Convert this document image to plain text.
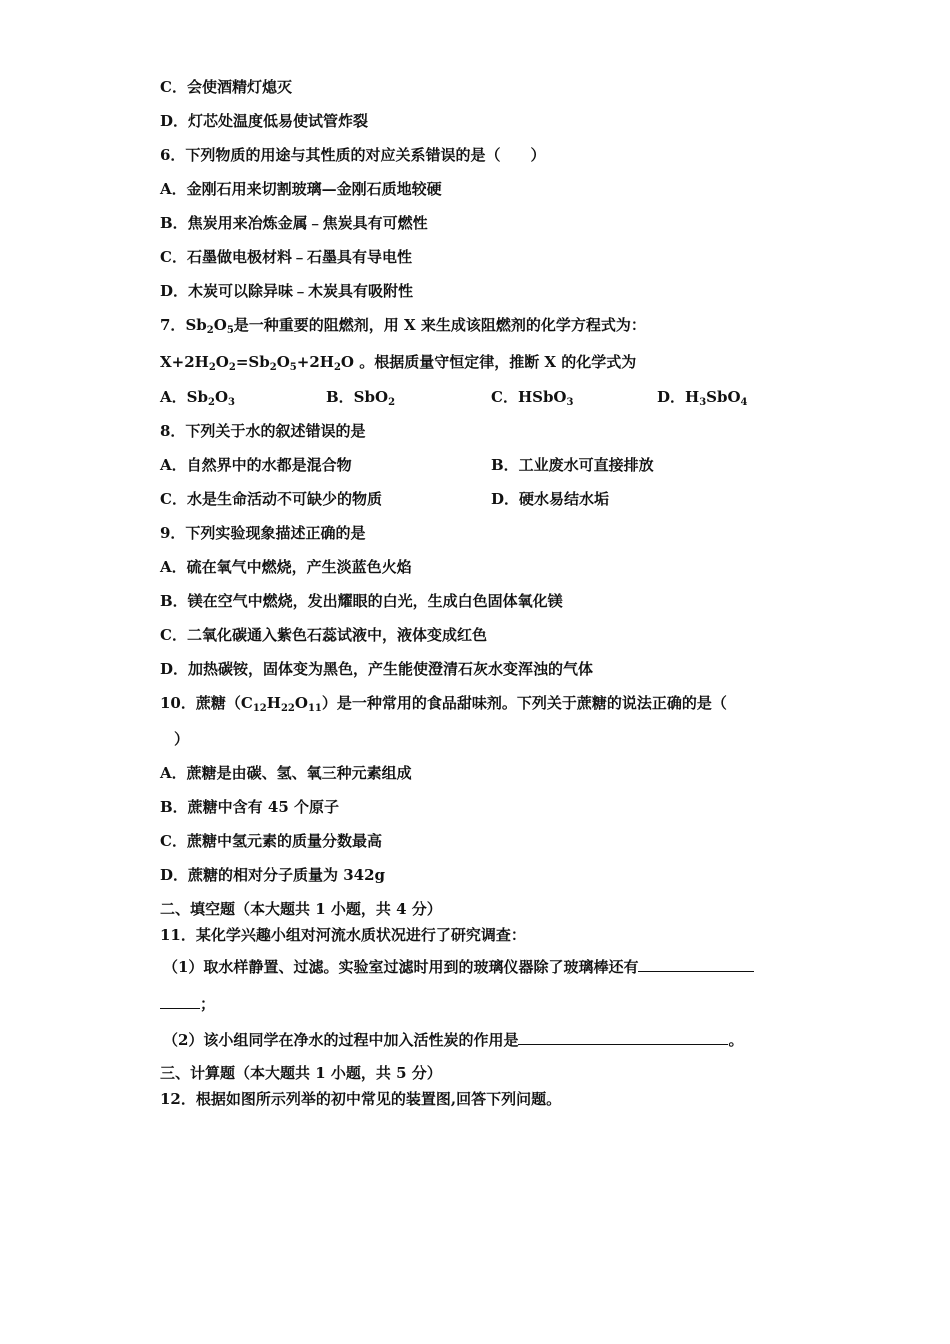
C．会使酒精灯熄灭
D．灯芯处温度低易使试管炸裂
6．下列物质的用途与其性质的对应关系错误的是（　　）
A．金刚石用来切割玻璃—金刚石质地较硬
B．焦炭用来冶炼金属﹣焦炭具有可燃性
C．石墨做电极材料﹣石墨具有导电性
D．木炭可以除异味﹣木炭具有吸附性
7．$Sb_2O_5$是一种重要的阻燃剂，用 X 来生成该阻燃剂的化学方程式为：
$X+2H_2O_2=Sb_2O_5+2H_2O$ 。根据质量守恒定律，推断 X 的化学式为
A．$Sb_2O_3$	B．SbO$_2$	C．HSbO$_3$	D．$H_3SbO_4$
8．下列关于水的叙述错误的是
A．自然界中的水都是混合物	B．工业废水可直接排放
C．水是生命活动不可缺少的物质	D．硬水易结水垢
9．下列实验现象描述正确的是
A．硫在氧气中燃烧，产生淡蓝色火焰
B．镁在空气中燃烧，发出耀眼的白光，生成白色固体氧化镁
C．二氧化碳通入紫色石蕊试液中，液体变成红色
D．加热碳铵，固体变为黑色，产生能使澄清石灰水变浑浊的气体
10．蔗糖$(C_{12}H_{22}O_{11})$是一种常用的食品甜味剂。下列关于蔗糖的说法正确的是（
）
A．蔗糖是由碳、氢、氧三种元素组成
B．蔗糖中含有 45 个原子
C．蔗糖中氢元素的质量分数最高
D．蔗糖的相对分子质量为 342g
二、填空题（本大题共 1 小题，共 4 分）
11．某化学兴趣小组对河流水质状况进行了研究调查：
（1）取水样静置、过滤。实验室过滤时用到的玻璃仪器除了玻璃棒还有
；
（2）该小组同学在净水的过程中加入活性炭的作用是	。
三、计算题（本大题共 1 小题，共 5 分）
12．根据如图所示列举的初中常见的装置图,回答下列问题。
